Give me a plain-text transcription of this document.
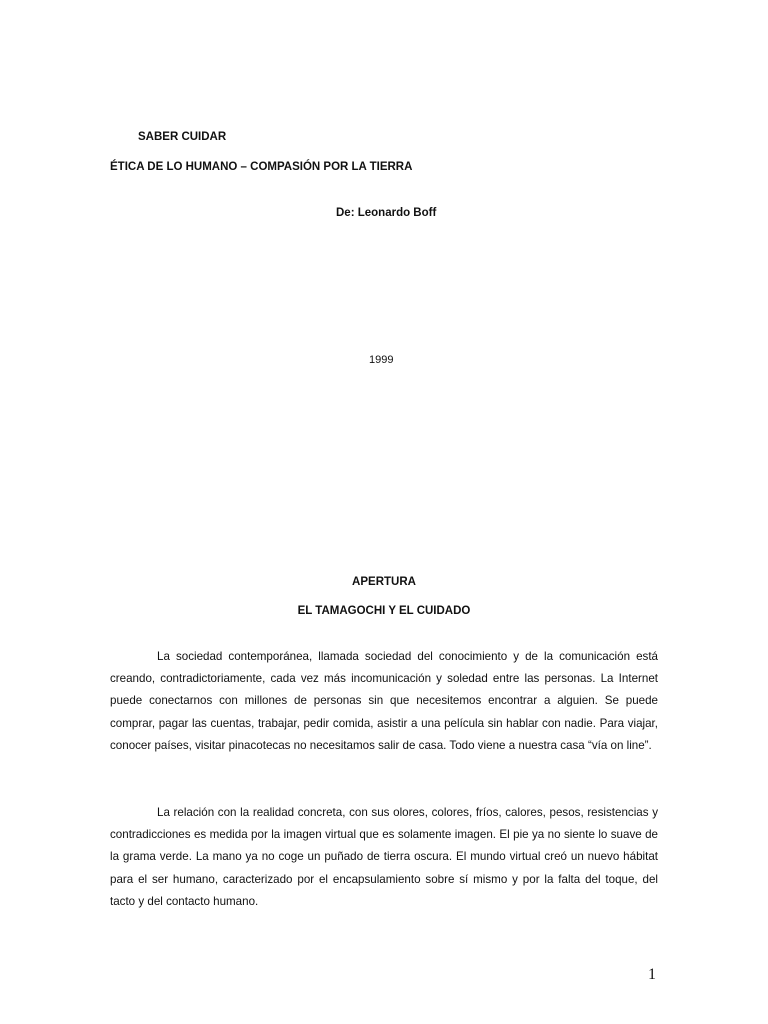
SABER CUIDAR
ÉTICA DE LO HUMANO – COMPASIÓN POR LA TIERRA
De: Leonardo Boff
1999
APERTURA
EL TAMAGOCHI Y EL CUIDADO

La sociedad contemporánea, llamada sociedad del conocimiento y de la comunicación está creando, contradictoriamente, cada vez más incomunicación y soledad entre las personas. La Internet puede conectarnos con millones de personas sin que necesitemos encontrar a alguien. Se puede comprar, pagar las cuentas, trabajar, pedir comida, asistir a una película sin hablar con nadie. Para viajar, conocer países, visitar pinacotecas no necesitamos salir de casa. Todo viene a nuestra casa “vía on line”.

La relación con la realidad concreta, con sus olores, colores, fríos, calores, pesos, resistencias y contradicciones es medida por la imagen virtual que es solamente imagen. El pie ya no siente lo suave de la grama verde. La mano ya no coge un puñado de tierra oscura. El mundo virtual creó un nuevo hábitat para el ser humano, caracterizado por el encapsulamiento sobre sí mismo y por la falta del toque, del tacto y del contacto humano.

1
